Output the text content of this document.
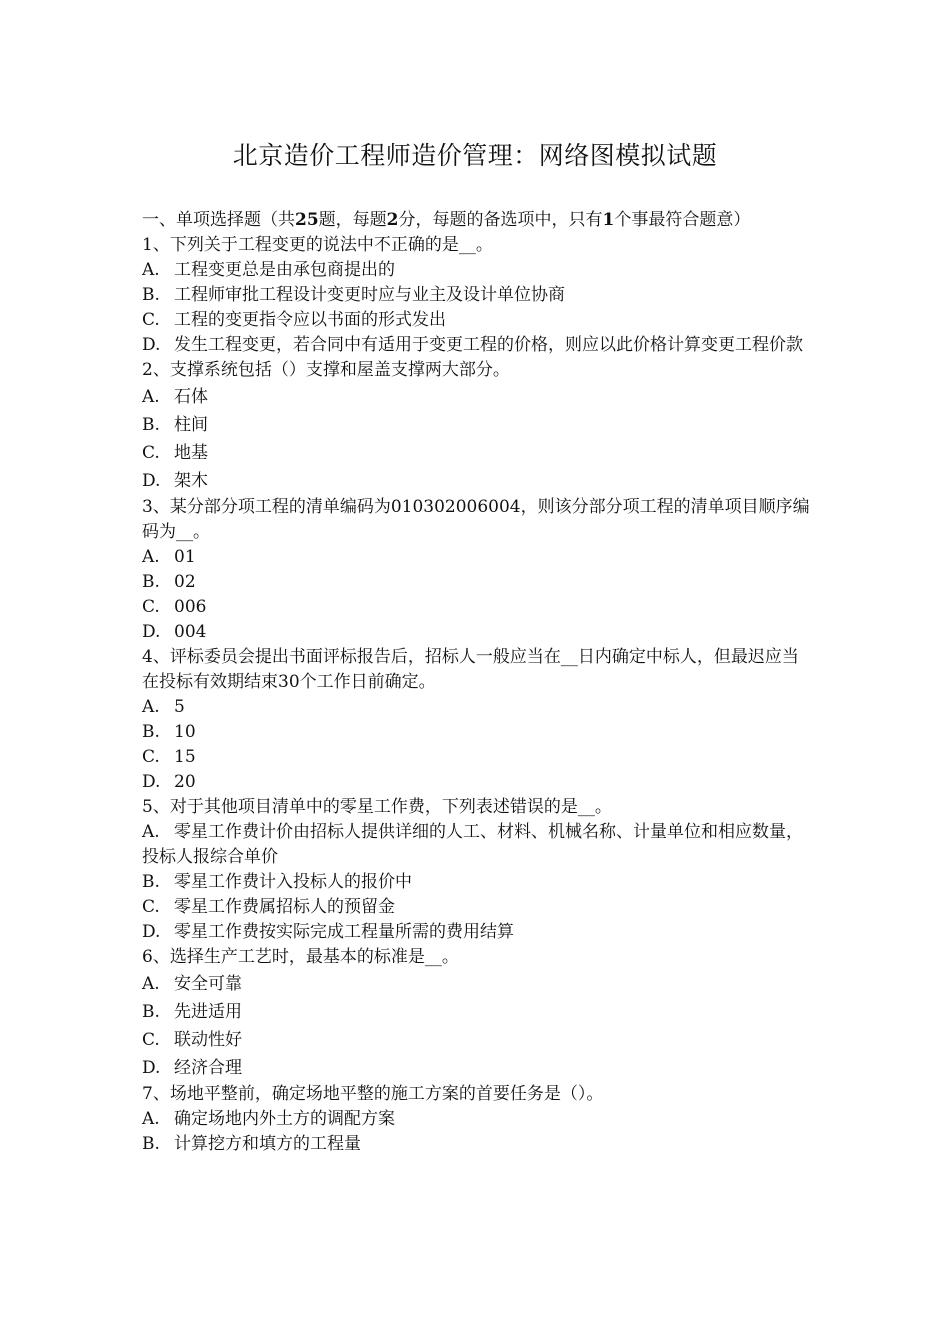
北京造价工程师造价管理：网络图模拟试题
一、单项选择题（共25题，每题2分，每题的备选项中，只有1个事最符合题意）
1、下列关于工程变更的说法中不正确的是__。
A. 工程变更总是由承包商提出的
B. 工程师审批工程设计变更时应与业主及设计单位协商
C. 工程的变更指令应以书面的形式发出
D. 发生工程变更，若合同中有适用于变更工程的价格，则应以此价格计算变更工程价款
2、支撑系统包括（）支撑和屋盖支撑两大部分。
A. 石体
B. 柱间
C. 地基
D. 架木
3、某分部分项工程的清单编码为010302006004，则该分部分项工程的清单项目顺序编码为__。
A. 01
B. 02
C. 006
D. 004
4、评标委员会提出书面评标报告后，招标人一般应当在__日内确定中标人，但最迟应当在投标有效期结束30个工作日前确定。
A. 5
B. 10
C. 15
D. 20
5、对于其他项目清单中的零星工作费，下列表述错误的是__。
A. 零星工作费计价由招标人提供详细的人工、材料、机械名称、计量单位和相应数量，投标人报综合单价
B. 零星工作费计入投标人的报价中
C. 零星工作费属招标人的预留金
D. 零星工作费按实际完成工程量所需的费用结算
6、选择生产工艺时，最基本的标准是__。
A. 安全可靠
B. 先进适用
C. 联动性好
D. 经济合理
7、场地平整前，确定场地平整的施工方案的首要任务是（）。
A. 确定场地内外土方的调配方案
B. 计算挖方和填方的工程量
